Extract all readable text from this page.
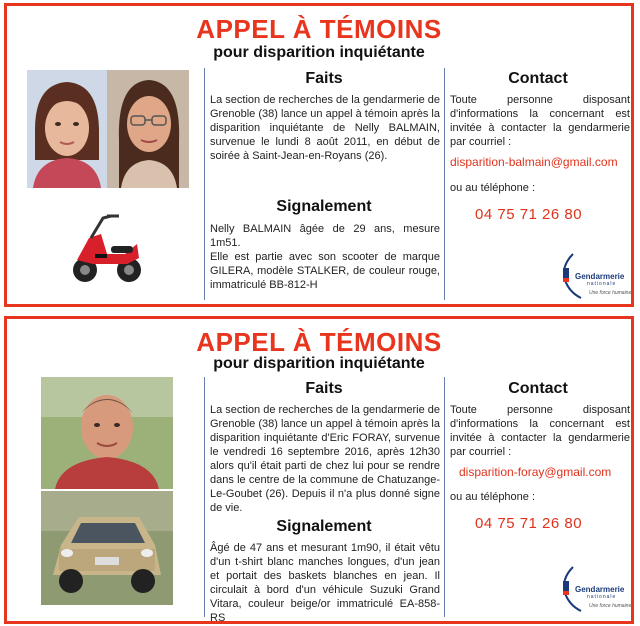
APPEL À TÉMOINS
pour disparition inquiétante
Faits
La section de recherches de la gendarmerie de Grenoble (38) lance un appel à témoin après la disparition inquiétante de Nelly BALMAIN, survenue le lundi 8 août 2011, en début de soirée à Saint-Jean-en-Royans (26).
Signalement

Nelly BALMAIN âgée de 29 ans, mesure 1m51.

Elle est partie avec son scooter de marque GILERA, modèle STALKER, de couleur rouge, immatriculé BB-812-H

Contact
Toute personne disposant d'informations la concernant est invitée à contacter la gendarmerie par courriel :
disparition-balmain@gmail.com
ou au téléphone :
04 75 71 26 80
Gendarmerie
nationale
Une force humaine
APPEL À TÉMOINS
pour disparition inquiétante
Faits
La section de recherches de la gendarmerie de Grenoble (38) lance un appel à témoin après la disparition inquiétante d'Eric FORAY, survenue le vendredi 16 septembre 2016, après 12h30 alors qu'il était parti de chez lui pour se rendre dans le centre de la commune de Chatuzange-Le-Goubet (26). Depuis il n'a plus donné signe de vie.
Signalement
Âgé de 47 ans et mesurant 1m90, il était vêtu d'un t-shirt blanc manches longues, d'un jean et portait des baskets blanches en jean. Il circulait à bord d'un véhicule Suzuki Grand Vitara, couleur beige/or immatriculé EA-858-RS
Contact
Toute personne disposant d'informations la concernant est invitée à contacter la gendarmerie par courriel :
disparition-foray@gmail.com
ou au téléphone :
04 75 71 26 80
Gendarmerie
nationale
Une force humaine
